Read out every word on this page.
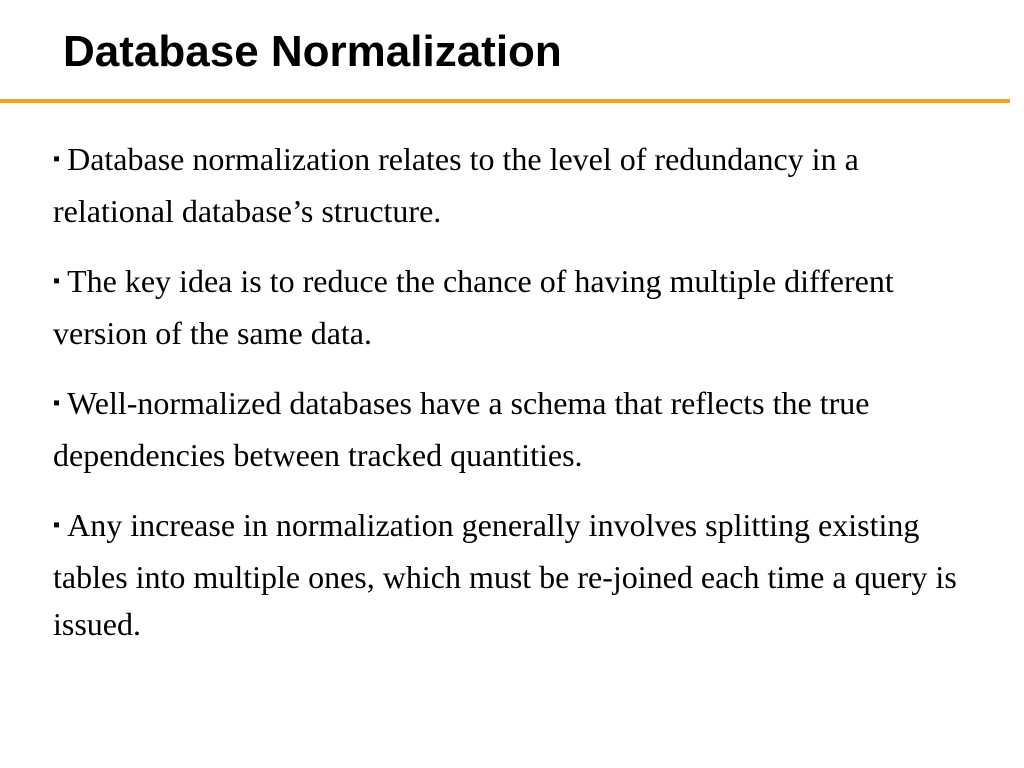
Database Normalization
▪ Database normalization relates to the level of redundancy in a relational database’s structure.
▪ The key idea is to reduce the chance of having multiple different version of the same data.
▪ Well-normalized databases have a schema that reflects the true dependencies between tracked quantities.
▪ Any increase in normalization generally involves splitting existing tables into multiple ones, which must be re-joined each time a query is issued.
